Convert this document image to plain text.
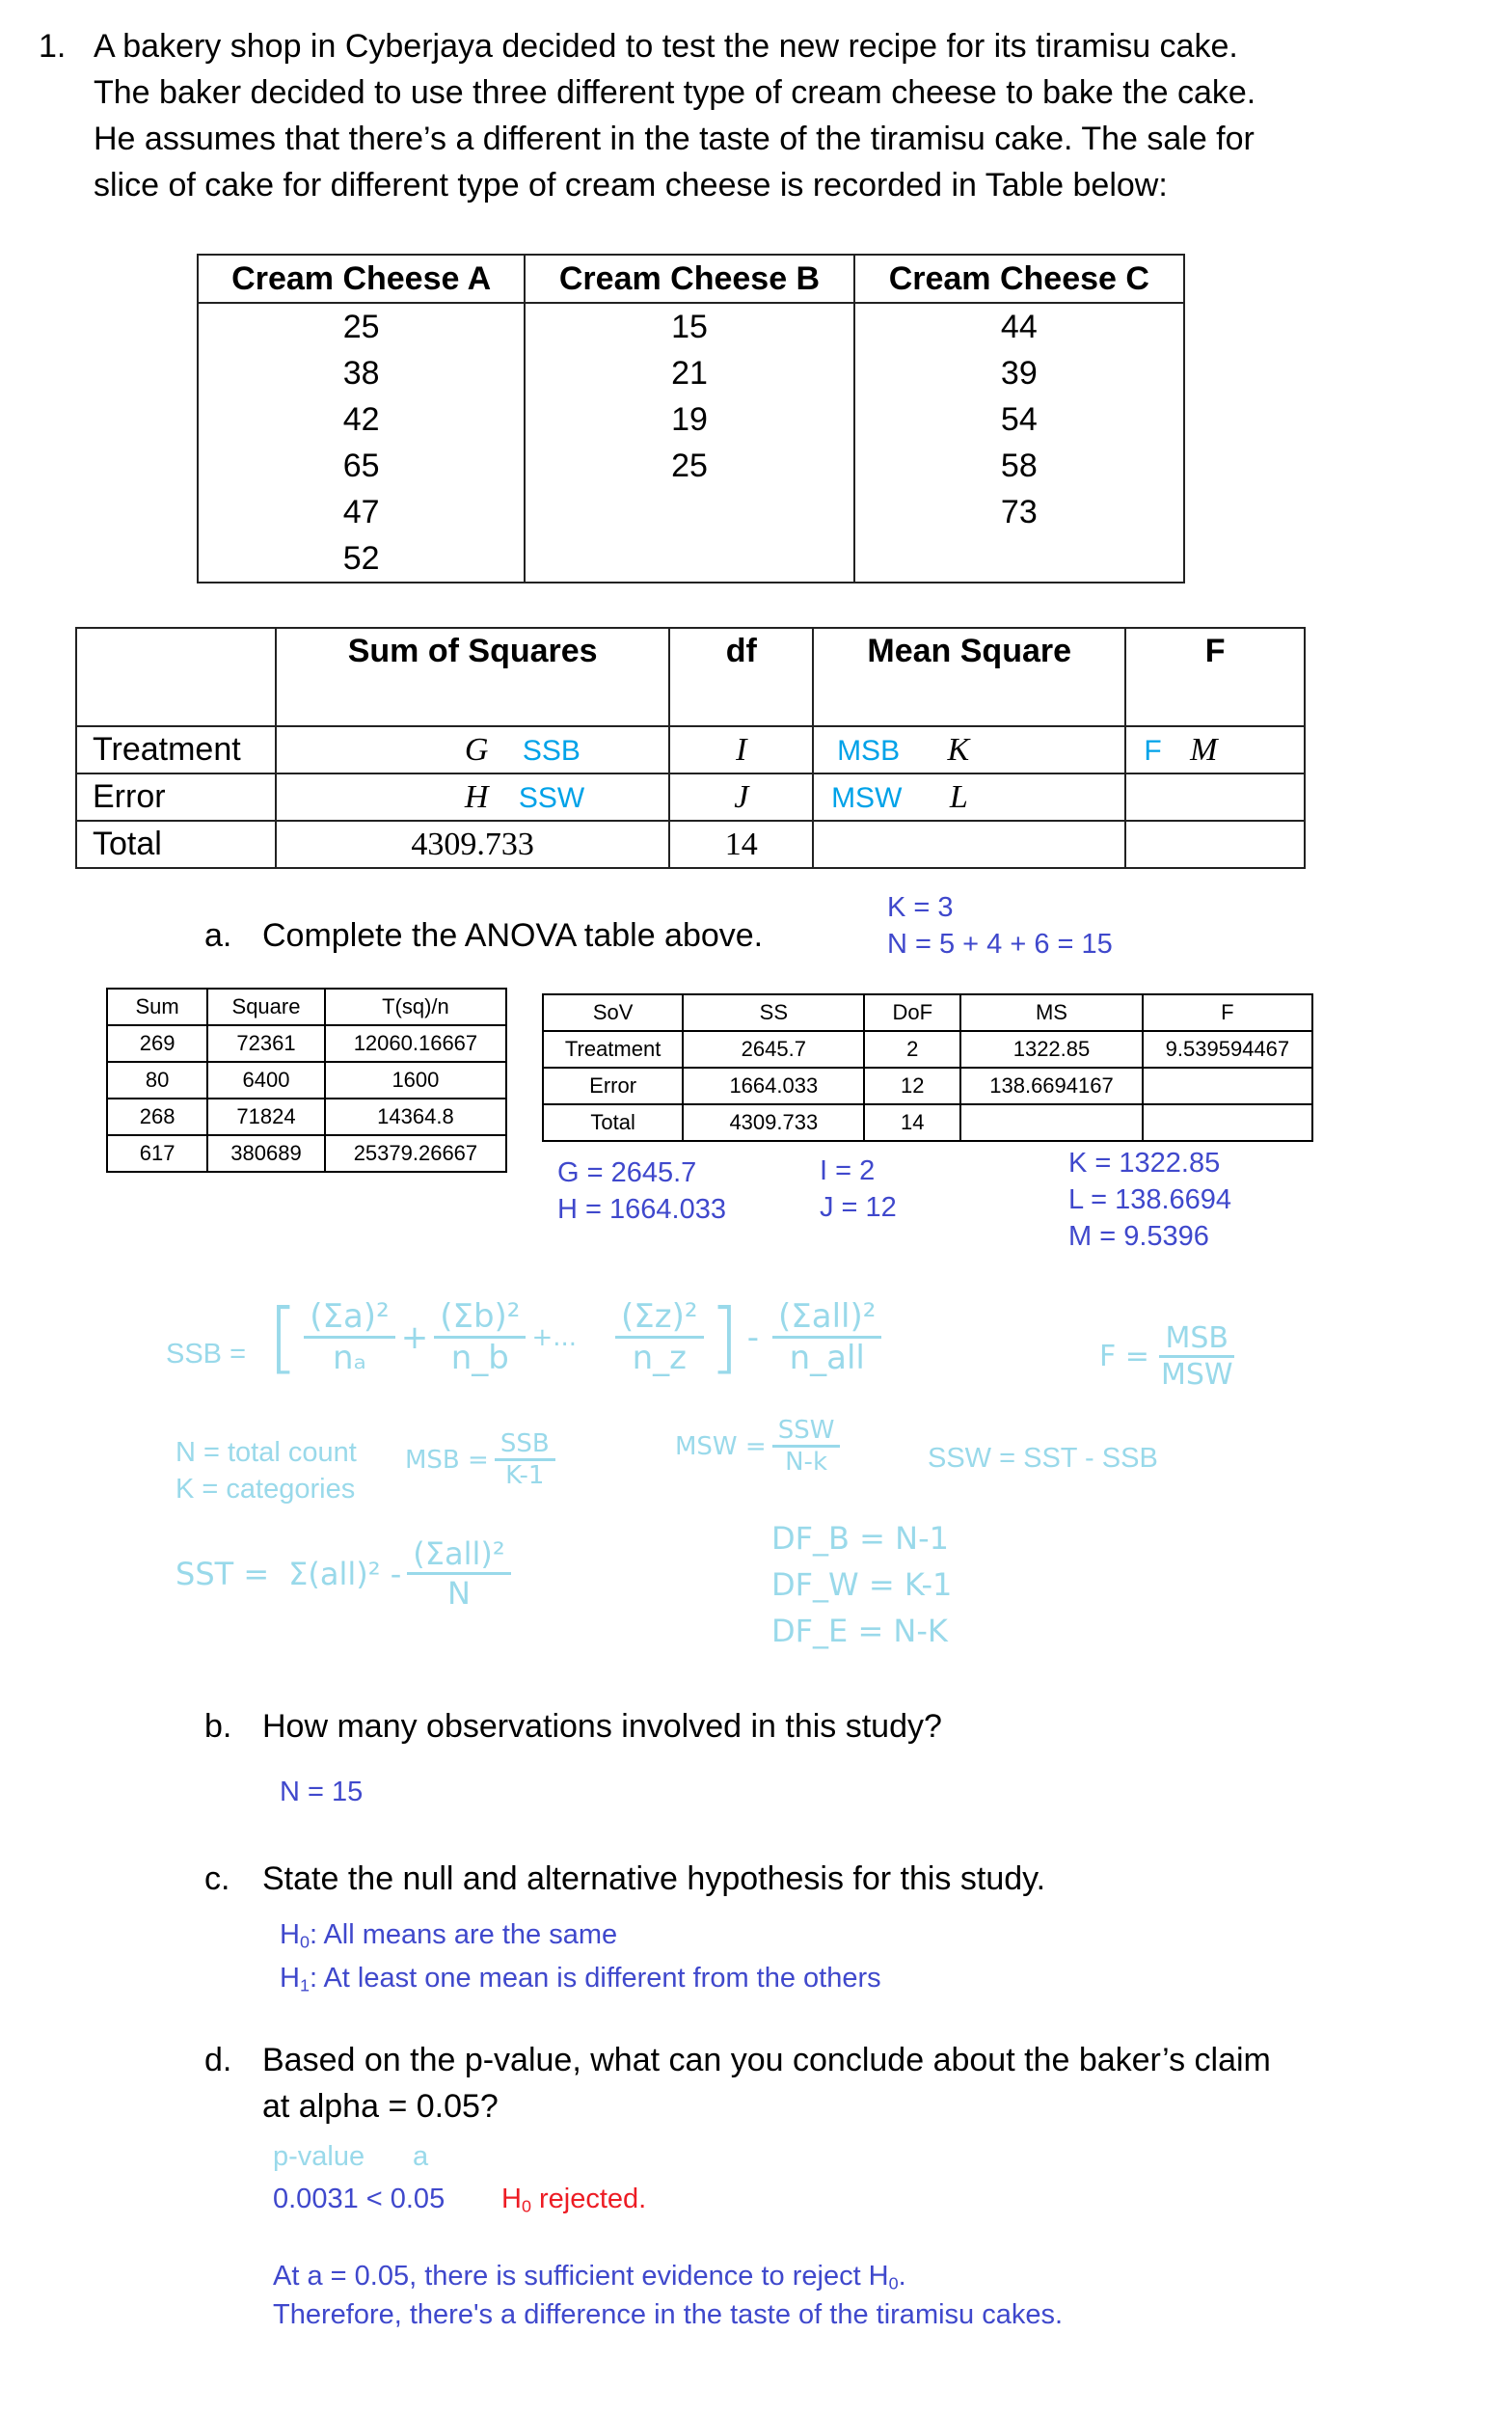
1. A bakery shop in Cyberjaya decided to test the new recipe for its tiramisu cake.
The baker decided to use three different type of cream cheese to bake the cake.
He assumes that there’s a different in the taste of the tiramisu cake. The sale for
slice of cake for different type of cream cheese is recorded in Table below:
Cream Cheese A	Cream Cheese B	Cream Cheese C
25	15	44
38	21	39
42	19	54
65	25	58
47		73
52		
	Sum of Squares	df	Mean Square	F
Treatment	G SSB	I	MSB K	F M
Error	H SSW	J	MSW L	
Total	4309.733	14		
a. Complete the ANOVA table above.
K = 3
N = 5 + 4 + 6 = 15
Sum	Square	T(sq)/n
269	72361	12060.16667
80	6400	1600
268	71824	14364.8
617	380689	25379.26667
SoV	SS	DoF	MS	F
Treatment	2645.7	2	1322.85	9.539594467
Error	1664.033	12	138.6694167	
Total	4309.733	14		
G = 2645.7
H = 1664.033
I = 2
J = 12
K = 1322.85
L = 138.6694
M = 9.5396
SSB = [ $\frac{\text{(Σa)²}}{\text{nₐ}} + \frac{\text{(Σb)²}}{n\_b}$ +... $\frac{\text{(Σz)²}}{n\_z}$ ] - $\frac{\text{(Σall)²}}{\text{n\_all}}$	$F = \frac{\text{MSB}}{\text{MSW}}$
N = total count
K = categories
MSB = $\frac{\text{SSB}}{K-1}$	MSW = $\frac{\text{SSW}}{N-k}$	SSW = SST - SSB
SST = $\Sigma(all)^2 - \frac{\text{(Σall)²}}{N}$	DF_B = N-1
DF_W = K-1
DF_E = N-K
b. How many observations involved in this study?
N = 15
c. State the null and alternative hypothesis for this study.
$H_0$: All means are the same
$H_1$: At least one mean is different from the others
d. Based on the p-value, what can you conclude about the baker’s claim
at alpha = 0.05?
p-value a
0.0031 < 0.05 $H_0$ rejected.
At a = 0.05, there is sufficient evidence to reject $H_0$.
Therefore, there's a difference in the taste of the tiramisu cakes.
